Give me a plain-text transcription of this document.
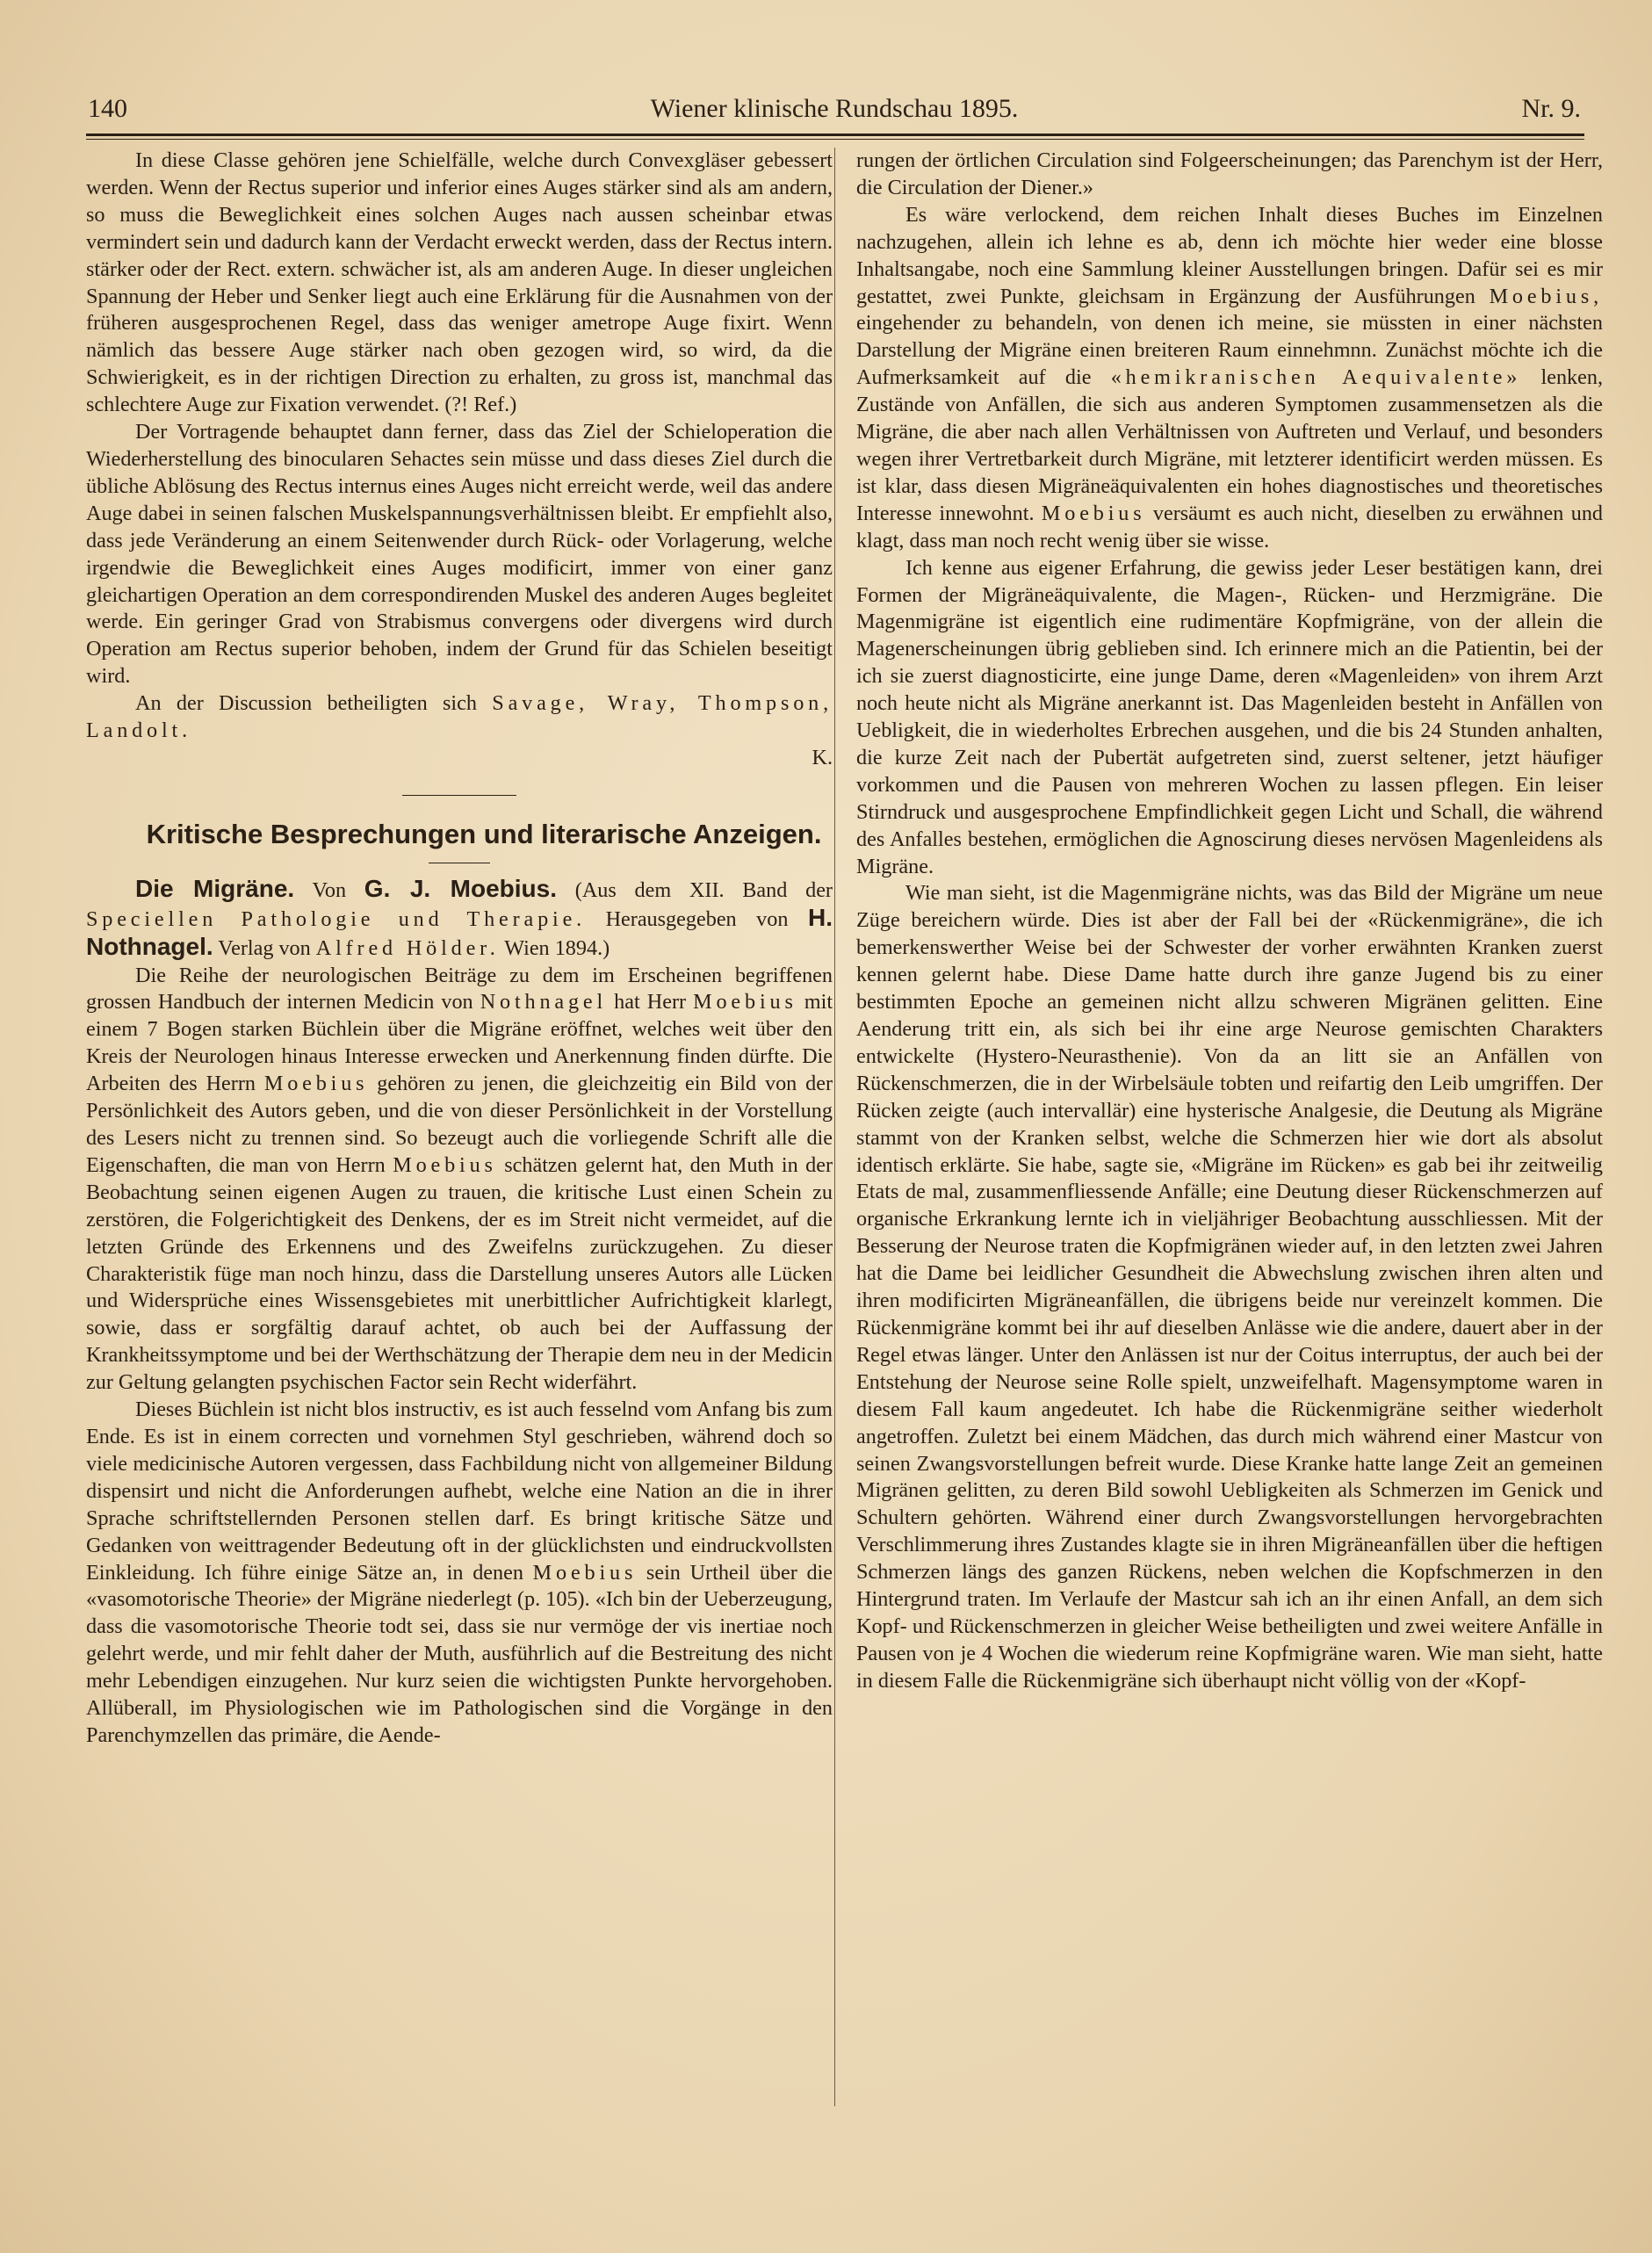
140	Wiener klinische Rundschau 1895.	Nr. 9.

In diese Classe gehören jene Schielfälle, welche durch Convexgläser gebessert werden. Wenn der Rectus superior und inferior eines Auges stärker sind als am andern, so muss die Beweglichkeit eines solchen Auges nach aussen scheinbar etwas vermindert sein und dadurch kann der Verdacht erweckt werden, dass der Rectus intern. stärker oder der Rect. extern. schwächer ist, als am anderen Auge. In dieser ungleichen Spannung der Heber und Senker liegt auch eine Erklärung für die Ausnahmen von der früheren ausgesprochenen Regel, dass das weniger ametrope Auge fixirt. Wenn nämlich das bessere Auge stärker nach oben gezogen wird, so wird, da die Schwierigkeit, es in der richtigen Direction zu erhalten, zu gross ist, manchmal das schlechtere Auge zur Fixation verwendet. (?! Ref.)

Der Vortragende behauptet dann ferner, dass das Ziel der Schieloperation die Wiederherstellung des binocularen Sehactes sein müsse und dass dieses Ziel durch die übliche Ablösung des Rectus internus eines Auges nicht erreicht werde, weil das andere Auge dabei in seinen falschen Muskelspannungsverhältnissen bleibt. Er empfiehlt also, dass jede Veränderung an einem Seitenwender durch Rück- oder Vorlagerung, welche irgendwie die Beweglichkeit eines Auges modificirt, immer von einer ganz gleichartigen Operation an dem correspondirenden Muskel des anderen Auges begleitet werde. Ein geringer Grad von Strabismus convergens oder divergens wird durch Operation am Rectus superior behoben, indem der Grund für das Schielen beseitigt wird.

An der Discussion betheiligten sich Savage, Wray, Thompson, Landolt.

K.

Kritische Besprechungen und literarische Anzeigen.

Die Migräne. Von G. J. Moebius. (Aus dem XII. Band der Speciellen Pathologie und Therapie. Herausgegeben von H. Nothnagel. Verlag von Alfred Hölder. Wien 1894.)

Die Reihe der neurologischen Beiträge zu dem im Erscheinen begriffenen grossen Handbuch der internen Medicin von Nothnagel hat Herr Moebius mit einem 7 Bogen starken Büchlein über die Migräne eröffnet, welches weit über den Kreis der Neurologen hinaus Interesse erwecken und Anerkennung finden dürfte. Die Arbeiten des Herrn Moebius gehören zu jenen, die gleichzeitig ein Bild von der Persönlichkeit des Autors geben, und die von dieser Persönlichkeit in der Vorstellung des Lesers nicht zu trennen sind. So bezeugt auch die vorliegende Schrift alle die Eigenschaften, die man von Herrn Moebius schätzen gelernt hat, den Muth in der Beobachtung seinen eigenen Augen zu trauen, die kritische Lust einen Schein zu zerstören, die Folgerichtigkeit des Denkens, der es im Streit nicht vermeidet, auf die letzten Gründe des Erkennens und des Zweifelns zurückzugehen. Zu dieser Charakteristik füge man noch hinzu, dass die Darstellung unseres Autors alle Lücken und Widersprüche eines Wissensgebietes mit unerbittlicher Aufrichtigkeit klarlegt, sowie, dass er sorgfältig darauf achtet, ob auch bei der Auffassung der Krankheitssymptome und bei der Werthschätzung der Therapie dem neu in der Medicin zur Geltung gelangten psychischen Factor sein Recht widerfährt.

Dieses Büchlein ist nicht blos instructiv, es ist auch fesselnd vom Anfang bis zum Ende. Es ist in einem correcten und vornehmen Styl geschrieben, während doch so viele medicinische Autoren vergessen, dass Fachbildung nicht von allgemeiner Bildung dispensirt und nicht die Anforderungen aufhebt, welche eine Nation an die in ihrer Sprache schriftstellernden Personen stellen darf. Es bringt kritische Sätze und Gedanken von weittragender Bedeutung oft in der glücklichsten und eindruckvollsten Einkleidung. Ich führe einige Sätze an, in denen Moebius sein Urtheil über die «vasomotorische Theorie» der Migräne niederlegt (p. 105). «Ich bin der Ueberzeugung, dass die vasomotorische Theorie todt sei, dass sie nur vermöge der vis inertiae noch gelehrt werde, und mir fehlt daher der Muth, ausführlich auf die Bestreitung des nicht mehr Lebendigen einzugehen. Nur kurz seien die wichtigsten Punkte hervorgehoben. Allüberall, im Physiologischen wie im Pathologischen sind die Vorgänge in den Parenchymzellen das primäre, die Aende-

rungen der örtlichen Circulation sind Folgeerscheinungen; das Parenchym ist der Herr, die Circulation der Diener.»

Es wäre verlockend, dem reichen Inhalt dieses Buches im Einzelnen nachzugehen, allein ich lehne es ab, denn ich möchte hier weder eine blosse Inhaltsangabe, noch eine Sammlung kleiner Ausstellungen bringen. Dafür sei es mir gestattet, zwei Punkte, gleichsam in Ergänzung der Ausführungen Moebius, eingehender zu behandeln, von denen ich meine, sie müssten in einer nächsten Darstellung der Migräne einen breiteren Raum einnehmnn. Zunächst möchte ich die Aufmerksamkeit auf die «hemikranischen Aequivalente» lenken, Zustände von Anfällen, die sich aus anderen Symptomen zusammensetzen als die Migräne, die aber nach allen Verhältnissen von Auftreten und Verlauf, und besonders wegen ihrer Vertretbarkeit durch Migräne, mit letzterer identificirt werden müssen. Es ist klar, dass diesen Migräneäquivalenten ein hohes diagnostisches und theoretisches Interesse innewohnt. Moebius versäumt es auch nicht, dieselben zu erwähnen und klagt, dass man noch recht wenig über sie wisse.

Ich kenne aus eigener Erfahrung, die gewiss jeder Leser bestätigen kann, drei Formen der Migräneäquivalente, die Magen-, Rücken- und Herzmigräne. Die Magenmigräne ist eigentlich eine rudimentäre Kopfmigräne, von der allein die Magenerscheinungen übrig geblieben sind. Ich erinnere mich an die Patientin, bei der ich sie zuerst diagnosticirte, eine junge Dame, deren «Magenleiden» von ihrem Arzt noch heute nicht als Migräne anerkannt ist. Das Magenleiden besteht in Anfällen von Uebligkeit, die in wiederholtes Erbrechen ausgehen, und die bis 24 Stunden anhalten, die kurze Zeit nach der Pubertät aufgetreten sind, zuerst seltener, jetzt häufiger vorkommen und die Pausen von mehreren Wochen zu lassen pflegen. Ein leiser Stirndruck und ausgesprochene Empfindlichkeit gegen Licht und Schall, die während des Anfalles bestehen, ermöglichen die Agnoscirung dieses nervösen Magenleidens als Migräne.

Wie man sieht, ist die Magenmigräne nichts, was das Bild der Migräne um neue Züge bereichern würde. Dies ist aber der Fall bei der «Rückenmigräne», die ich bemerkenswerther Weise bei der Schwester der vorher erwähnten Kranken zuerst kennen gelernt habe. Diese Dame hatte durch ihre ganze Jugend bis zu einer bestimmten Epoche an gemeinen nicht allzu schweren Migränen gelitten. Eine Aenderung tritt ein, als sich bei ihr eine arge Neurose gemischten Charakters entwickelte (Hystero-Neurasthenie). Von da an litt sie an Anfällen von Rückenschmerzen, die in der Wirbelsäule tobten und reifartig den Leib umgriffen. Der Rücken zeigte (auch intervallär) eine hysterische Analgesie, die Deutung als Migräne stammt von der Kranken selbst, welche die Schmerzen hier wie dort als absolut identisch erklärte. Sie habe, sagte sie, «Migräne im Rücken» es gab bei ihr zeitweilig Etats de mal, zusammenfliessende Anfälle; eine Deutung dieser Rückenschmerzen auf organische Erkrankung lernte ich in vieljähriger Beobachtung ausschliessen. Mit der Besserung der Neurose traten die Kopfmigränen wieder auf, in den letzten zwei Jahren hat die Dame bei leidlicher Gesundheit die Abwechslung zwischen ihren alten und ihren modificirten Migräneanfällen, die übrigens beide nur vereinzelt kommen. Die Rückenmigräne kommt bei ihr auf dieselben Anlässe wie die andere, dauert aber in der Regel etwas länger. Unter den Anlässen ist nur der Coitus interruptus, der auch bei der Entstehung der Neurose seine Rolle spielt, unzweifelhaft. Magensymptome waren in diesem Fall kaum angedeutet. Ich habe die Rückenmigräne seither wiederholt angetroffen. Zuletzt bei einem Mädchen, das durch mich während einer Mastcur von seinen Zwangsvorstellungen befreit wurde. Diese Kranke hatte lange Zeit an gemeinen Migränen gelitten, zu deren Bild sowohl Uebligkeiten als Schmerzen im Genick und Schultern gehörten. Während einer durch Zwangsvorstellungen hervorgebrachten Verschlimmerung ihres Zustandes klagte sie in ihren Migräneanfällen über die heftigen Schmerzen längs des ganzen Rückens, neben welchen die Kopfschmerzen in den Hintergrund traten. Im Verlaufe der Mastcur sah ich an ihr einen Anfall, an dem sich Kopf- und Rückenschmerzen in gleicher Weise betheiligten und zwei weitere Anfälle in Pausen von je 4 Wochen die wiederum reine Kopfmigräne waren. Wie man sieht, hatte in diesem Falle die Rückenmigräne sich überhaupt nicht völlig von der «Kopf-
